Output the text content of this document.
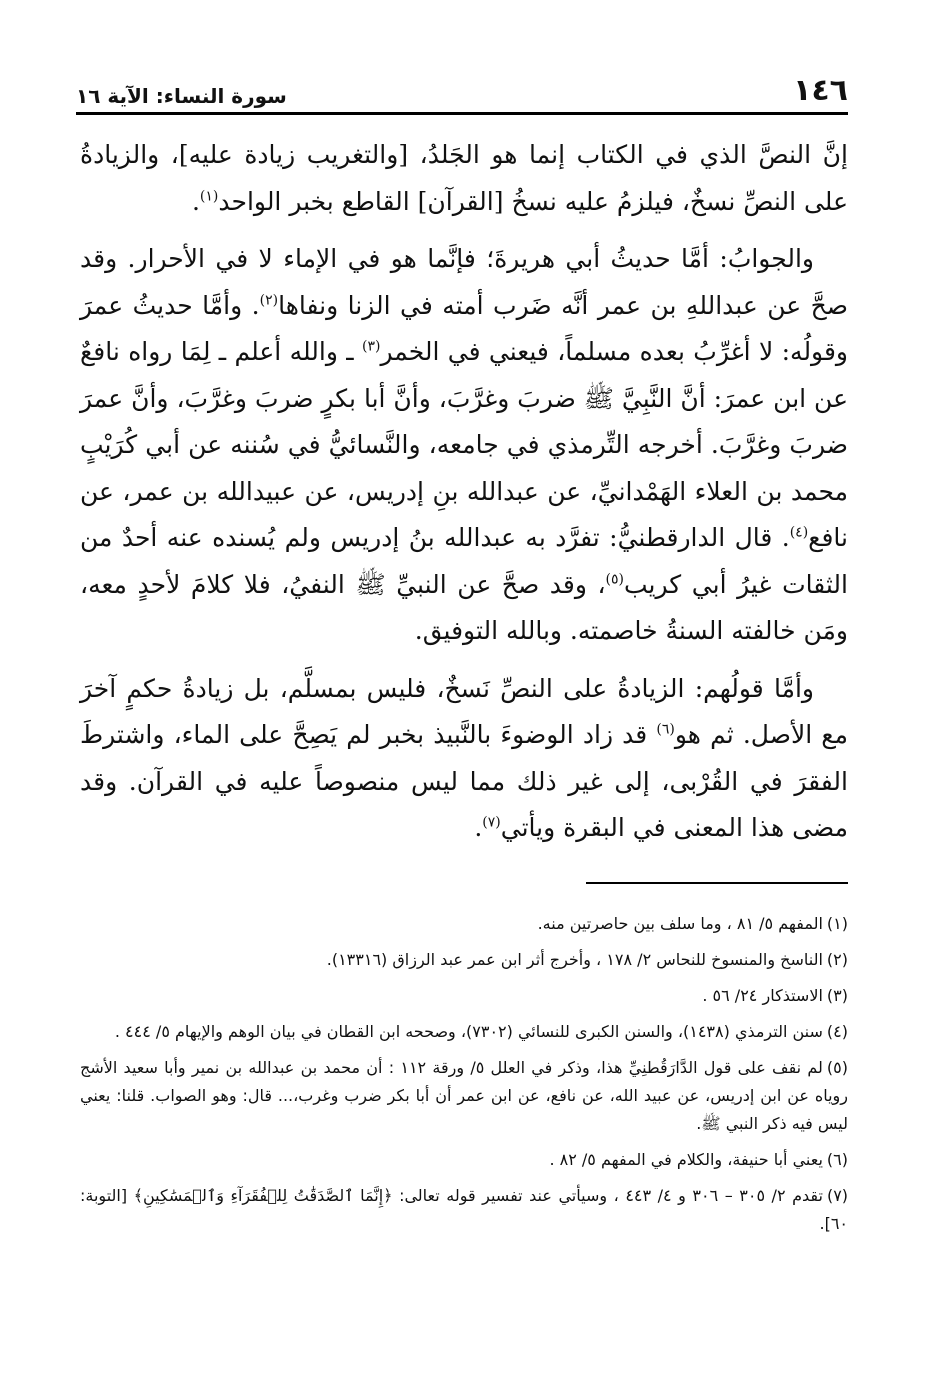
١٤٦
سورة النساء: الآية ١٦

إنَّ النصَّ الذي في الكتاب إنما هو الجَلدُ، [والتغريب زيادة عليه]، والزيادةُ على النصِّ نسخٌ، فيلزمُ عليه نسخُ [القرآن] القاطع بخبر الواحد$^{(١)}$.

والجوابُ: أمَّا حديثُ أبي هريرةَ؛ فإنَّما هو في الإماء لا في الأحرار. وقد صحَّ عن عبداللهِ بن عمر أنَّه ضَرب أمته في الزنا ونفاها$^{(٢)}$. وأمَّا حديثُ عمرَ وقولُه: لا أغرِّبُ بعده مسلماً، فيعني في الخمر$^{(٣)}$ ـ والله أعلم ـ لِمَا رواه نافعٌ عن ابن عمرَ: أنَّ النَّبِيَّ ﷺ ضربَ وغرَّبَ، وأنَّ أبا بكرٍ ضربَ وغرَّبَ، وأنَّ عمرَ ضربَ وغرَّبَ. أخرجه التِّرمذي في جامعه، والنَّسائيُّ في سُننه عن أبي كُرَيْبٍ محمد بن العلاء الهَمْدانيِّ، عن عبدالله بنِ إدريس، عن عبيدالله بن عمر، عن نافع$^{(٤)}$. قال الدارقطنيُّ: تفرَّد به عبدالله بنُ إدريس ولم يُسنده عنه أحدٌ من الثقات غيرُ أبي كريب$^{(٥)}$، وقد صحَّ عن النبيِّ ﷺ النفيُ، فلا كلامَ لأحدٍ معه، ومَن خالفته السنةُ خاصمته. وبالله التوفيق.

وأمَّا قولُهم: الزيادةُ على النصِّ نَسخٌ، فليس بمسلَّم، بل زيادةُ حكمٍ آخرَ مع الأصل. ثم هو$^{(٦)}$ قد زاد الوضوءَ بالنَّبيذ بخبر لم يَصِحَّ على الماء، واشترطَ الفقرَ في القُرْبى، إلى غير ذلك مما ليس منصوصاً عليه في القرآن. وقد مضى هذا المعنى في البقرة ويأتي$^{(٧)}$.

(١)المفهم ٥/ ٨١ ، وما سلف بين حاصرتين منه.
(٢)الناسخ والمنسوخ للنحاس ٢/ ١٧٨ ، وأخرج أثر ابن عمر عبد الرزاق (١٣٣١٦).
(٣)الاستذكار ٢٤/ ٥٦ .
(٤)سنن الترمذي (١٤٣٨)، والسنن الكبرى للنسائي (٧٣٠٢)، وصححه ابن القطان في بيان الوهم والإيهام ٥/ ٤٤٤ .
(٥)لم نقف على قول الدَّارَقُطنِيِّ هذا، وذكر في العلل ٥/ ورقة ١١٢ : أن محمد بن عبدالله بن نمير وأبا سعيد الأشج روياه عن ابن إدريس، عن عبيد الله، عن نافع، عن ابن عمر أن أبا بكر ضرب وغرب،... قال: وهو الصواب. قلنا: يعني ليس فيه ذكر النبي ﷺ.
(٦)يعني أبا حنيفة، والكلام في المفهم ٥/ ٨٢ .
(٧)تقدم ٢/ ٣٠٥ – ٣٠٦ و ٤/ ٤٤٣ ، وسيأتي عند تفسير قوله تعالى: ﴿إِنَّمَا ٱلصَّدَقَٰتُ لِلۡفُقَرَآءِ وَٱلۡمَسَٰكِينِ﴾ [التوبة: ٦٠].
